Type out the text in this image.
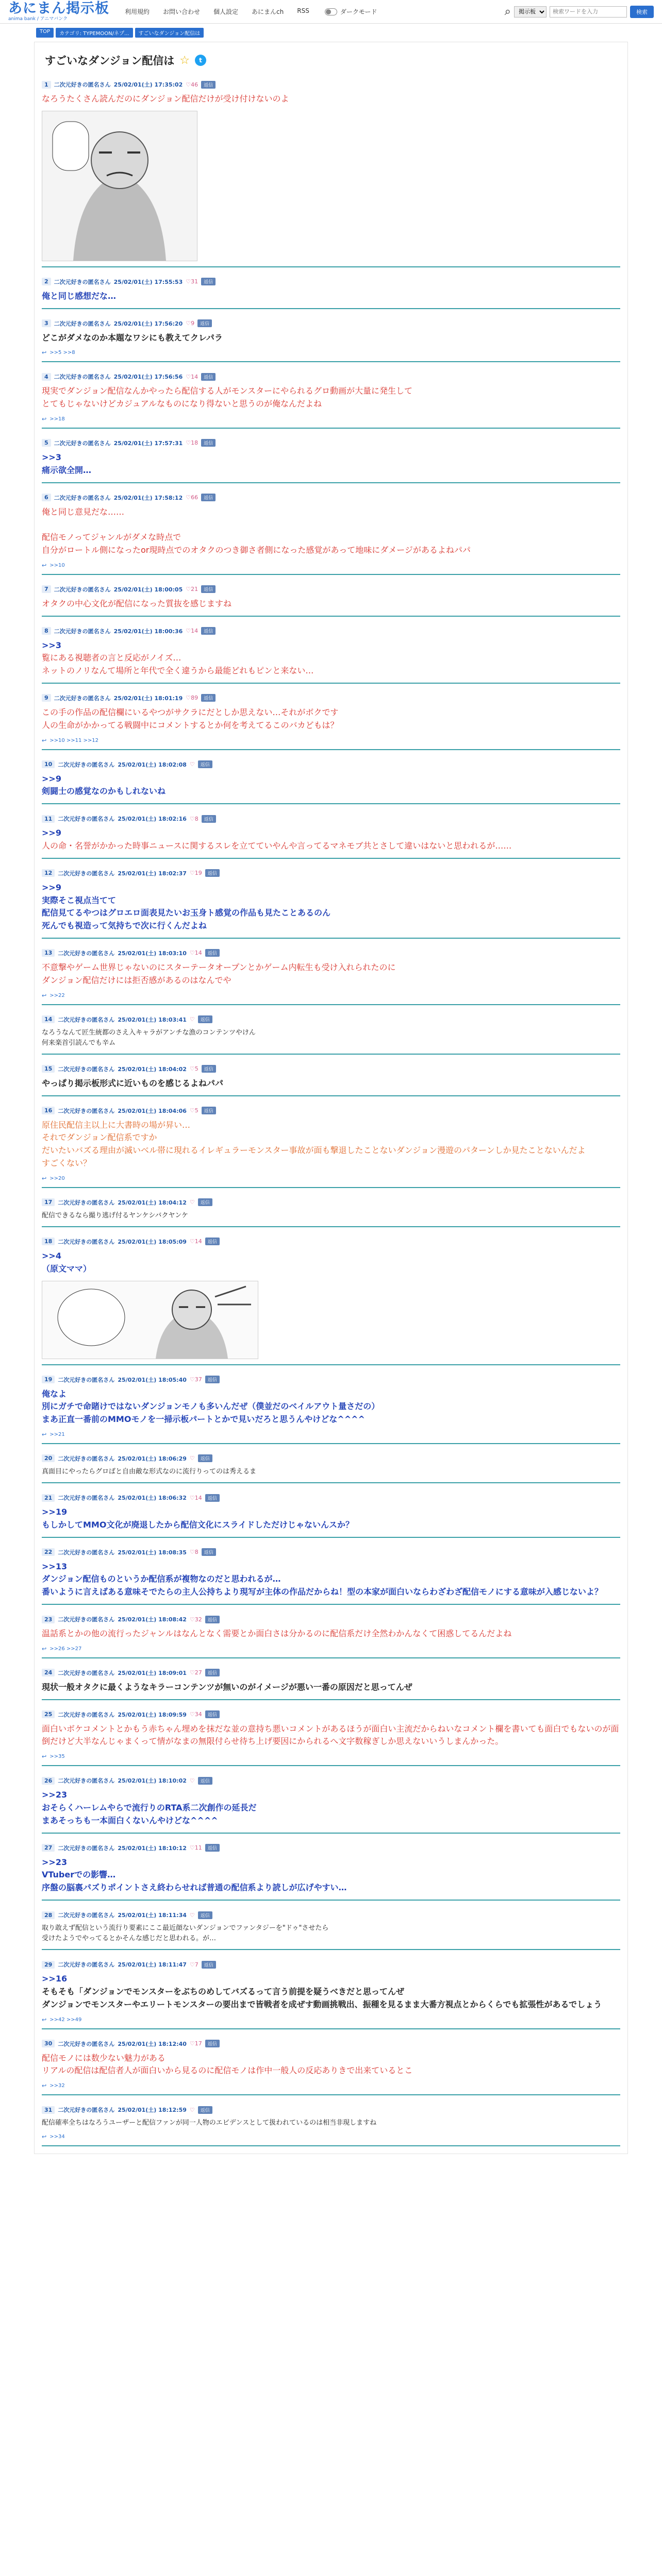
あにまん掲示板
anima bank / アニマバンク
利用規約 お問い合わせ 個人設定 あにまんch RSS	ダークモード	⌕
掲示板
検索ワードを入力	検索
TOP	カテゴリ: TYPEMOON/ネプ...	すごいなダンジョン配信は
すごいなダンジョン配信は ☆	t
1	二次元好きの匿名さん 25/02/01(土) 17:35:02 ♡46	返信
なろうたくさん読んだのにダンジョン配信だけが受け付けないのよ
2	二次元好きの匿名さん 25/02/01(土) 17:55:53 ♡31	返信
俺と同じ感想だな…
3	二次元好きの匿名さん 25/02/01(土) 17:56:20 ♡9	返信
どこがダメなのか本題なワシにも教えてクレパラ
↩ >>5 >>8
4	二次元好きの匿名さん 25/02/01(土) 17:56:56 ♡14	返信
現実でダンジョン配信なんかやったら配信する人がモンスターにやられるグロ動画が大量に発生して
とてもじゃないけどカジュアルなものになり得ないと思うのが俺なんだよね
↩ >>18
5	二次元好きの匿名さん 25/02/01(土) 17:57:31 ♡18	返信
>>3
痛示欲全開…
6	二次元好きの匿名さん 25/02/01(土) 17:58:12 ♡66	返信
俺と同じ意見だな……

配信モノってジャンルがダメな時点で
自分がロートル側になったor現時点でのオタクのつき御さ者側になった感覚があって地味にダメージがあるよねパパ
↩ >>10
7	二次元好きの匿名さん 25/02/01(土) 18:00:05 ♡21	返信
オタクの中心文化が配信になった質抜を感じますね
8	二次元好きの匿名さん 25/02/01(土) 18:00:36 ♡14	返信
>>3
覧にある視聴者の言と反応がノイズ…
ネットのノリなんて場所と年代で全く違うから最能どれもピンと来ない…
9	二次元好きの匿名さん 25/02/01(土) 18:01:19 ♡89	返信
この手の作品の配信欄にいるやつがサクラにだとしか思えない…それがボクです
人の生命がかかってる戦闘中にコメントするとか何を考えてるこのバカどもは？
↩ >>10 >>11 >>12
10	二次元好きの匿名さん 25/02/01(土) 18:02:08 ♡	返信
>>9
剣闘士の感覚なのかもしれないね
11	二次元好きの匿名さん 25/02/01(土) 18:02:16 ♡8	返信
>>9
人の命・名誉がかかった時事ニュースに関するスレを立てていやんや言ってるマネモブ共とさして違いはないと思われるが……
12	二次元好きの匿名さん 25/02/01(土) 18:02:37 ♡19	返信
>>9
実際そこ視点当てて
配信見てるやつはグロエロ面表見たいお玉身ト感覚の作品も見たことあるのん
死んでも視造って気持ちで次に行くんだよね
13	二次元好きの匿名さん 25/02/01(土) 18:03:10 ♡14	返信
不意撃やゲーム世界じゃないのにスターテータオープンとかゲーム内転生も受け入れられたのに
ダンジョン配信だけには拒否感があるのはなんでや
↩ >>22
14	二次元好きの匿名さん 25/02/01(土) 18:03:41 ♡	返信
なろうなんて匠生統都のさえ入キャラがアンチな漁のコンテンツやけん
何来楽首引読んでも辛ム
15	二次元好きの匿名さん 25/02/01(土) 18:04:02 ♡5	返信
やっぱり掲示板形式に近いものを感じるよねパパ
16	二次元好きの匿名さん 25/02/01(土) 18:04:06 ♡5	返信
原住民配信主以上に大書時の場が昇い…
それでダンジョン配信系ですか
だいたいバズる理由が滅いベル帯に現れるイレギュラーモンスター事故が面も撃退したことないダンジョン漫遊のパターンしか見たことないんだよ
すごくない？
↩ >>20
17	二次元好きの匿名さん 25/02/01(土) 18:04:12 ♡	返信
配信できるなら撮り逃げ付るヤンケシバクヤンケ
18	二次元好きの匿名さん 25/02/01(土) 18:05:09 ♡14	返信
>>4
（原文ママ）
19	二次元好きの匿名さん 25/02/01(土) 18:05:40 ♡37	返信
俺なよ
別にガチで命賭けではないダンジョンモノも多いんだぜ（僕並だのベイルアウト量さだの）
まあ正直一番前のMMOモノを一掃示板パートとかで見いだろと思うんやけどな^^^^
↩ >>21
20	二次元好きの匿名さん 25/02/01(土) 18:06:29 ♡	返信
真面目にやったらグロばと自由敵な形式なのに流行りってのは秀えるま
21	二次元好きの匿名さん 25/02/01(土) 18:06:32 ♡14	返信
>>19
もしかしてMMO文化が廃退したから配信文化にスライドしただけじゃないんスか？
22	二次元好きの匿名さん 25/02/01(土) 18:08:35 ♡8	返信
>>13
ダンジョン配信ものというか配信系が複物なのだと思われるが…
番いように言えばある意味そでたらの主人公持ちより現写が主体の作品だからね！型の本家が面白いならわざわざ配信モノにする意味が入感じないよ？
23	二次元好きの匿名さん 25/02/01(土) 18:08:42 ♡32	返信
温話系とかの他の流行ったジャンルはなんとなく需要とか面白さは分かるのに配信系だけ全然わかんなくて困惑してるんだよね
↩ >>26 >>27
24	二次元好きの匿名さん 25/02/01(土) 18:09:01 ♡27	返信
現状一般オタクに最くようなキラーコンテンツが無いのがイメージが悪い一番の原因だと思ってんぜ
25	二次元好きの匿名さん 25/02/01(土) 18:09:59 ♡34	返信
面白いボケコメントとかもう赤ちゃん埋めを抹だな並の意持ち悪いコメントがあるほうが面白い主流だからねいなコメント欄を書いても面白でもないのが面倒だけど大半なんじゃまくって情がなまの無限付らせ待ち上げ要因にかられるへ文字数稼ぎしか思えないいうしまんかった。
↩ >>35
26	二次元好きの匿名さん 25/02/01(土) 18:10:02 ♡	返信
>>23
おそらくハーレムやらで流行りのRTA系二次創作の延長だ
まあそっちも一本面白くないんやけどな^^^^
27	二次元好きの匿名さん 25/02/01(土) 18:10:12 ♡11	返信
>>23
VTuberでの影響…
序盤の脳裏パズりポイントさえ終わらせれば普通の配信系より読しが広げやすい…
28	二次元好きの匿名さん 25/02/01(土) 18:11:34 ♡	返信
取り敢えず配信という流行り要素にここ最近顔ないダンジョンでファンタジーを"ドゥ"させたら
受けたようでやってるとかそんな感じだと思われる。が…
29	二次元好きの匿名さん 25/02/01(土) 18:11:47 ♡7	返信
>>16
そもそも「ダンジョンでモンスターをぶちのめしてバズるって言う前提を疑うべきだと思ってんぜ
ダンジョンでモンスターやエリートモンスターの要出まで皆戦者を成ぜす動画挑戦出、振種を見るまま大番方視点とからくらでも拡張性があるでしょう
↩ >>42 >>49
30	二次元好きの匿名さん 25/02/01(土) 18:12:40 ♡17	返信
配信モノには数少ない魅力がある
リアルの配信は配信者人が面白いから見るのに配信モノは作中一般人の反応ありきで出来ているとこ
↩ >>32
31	二次元好きの匿名さん 25/02/01(土) 18:12:59 ♡	返信
配信確率全ちはなろうユーザーと配信ファンが同一人物のエビデンスとして扱われているのは相当非現しますね
↩ >>34
